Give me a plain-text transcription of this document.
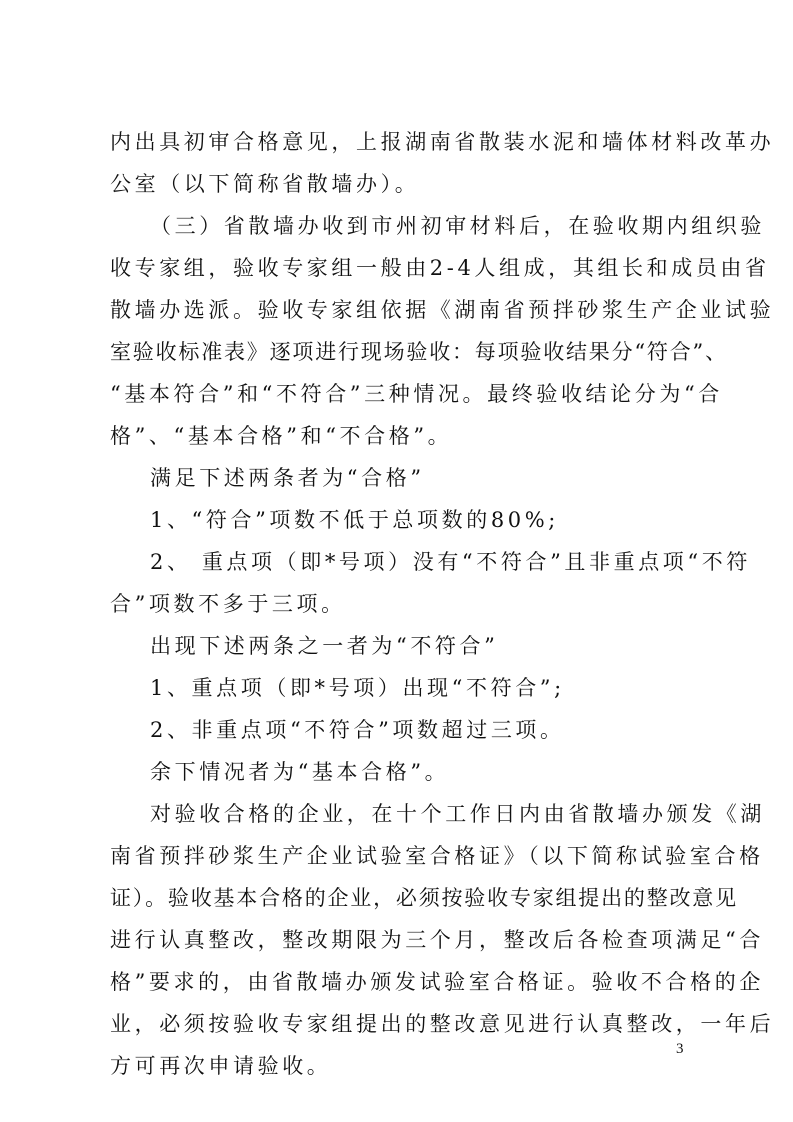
内出具初审合格意见，上报湖南省散装水泥和墙体材料改革办
公室（以下简称省散墙办）。
（三）省散墙办收到市州初审材料后，在验收期内组织验
收专家组，验收专家组一般由2-4人组成，其组长和成员由省
散墙办选派。验收专家组依据《湖南省预拌砂浆生产企业试验
室验收标准表》逐项进行现场验收：每项验收结果分“符合”、
“基本符合”和“不符合”三种情况。最终验收结论分为“合
格”、“基本合格”和“不合格”。
满足下述两条者为“合格”
1、“符合”项数不低于总项数的80%;
2、 重点项（即*号项）没有“不符合”且非重点项“不符
合”项数不多于三项。
出现下述两条之一者为“不符合”
1、重点项（即*号项）出现“不符合”;
2、非重点项“不符合”项数超过三项。
余下情况者为“基本合格”。
对验收合格的企业，在十个工作日内由省散墙办颁发《湖
南省预拌砂浆生产企业试验室合格证》（以下简称试验室合格
证）。验收基本合格的企业，必须按验收专家组提出的整改意见
进行认真整改，整改期限为三个月，整改后各检查项满足“合
格”要求的，由省散墙办颁发试验室合格证。验收不合格的企
业，必须按验收专家组提出的整改意见进行认真整改，一年后
方可再次申请验收。
3
